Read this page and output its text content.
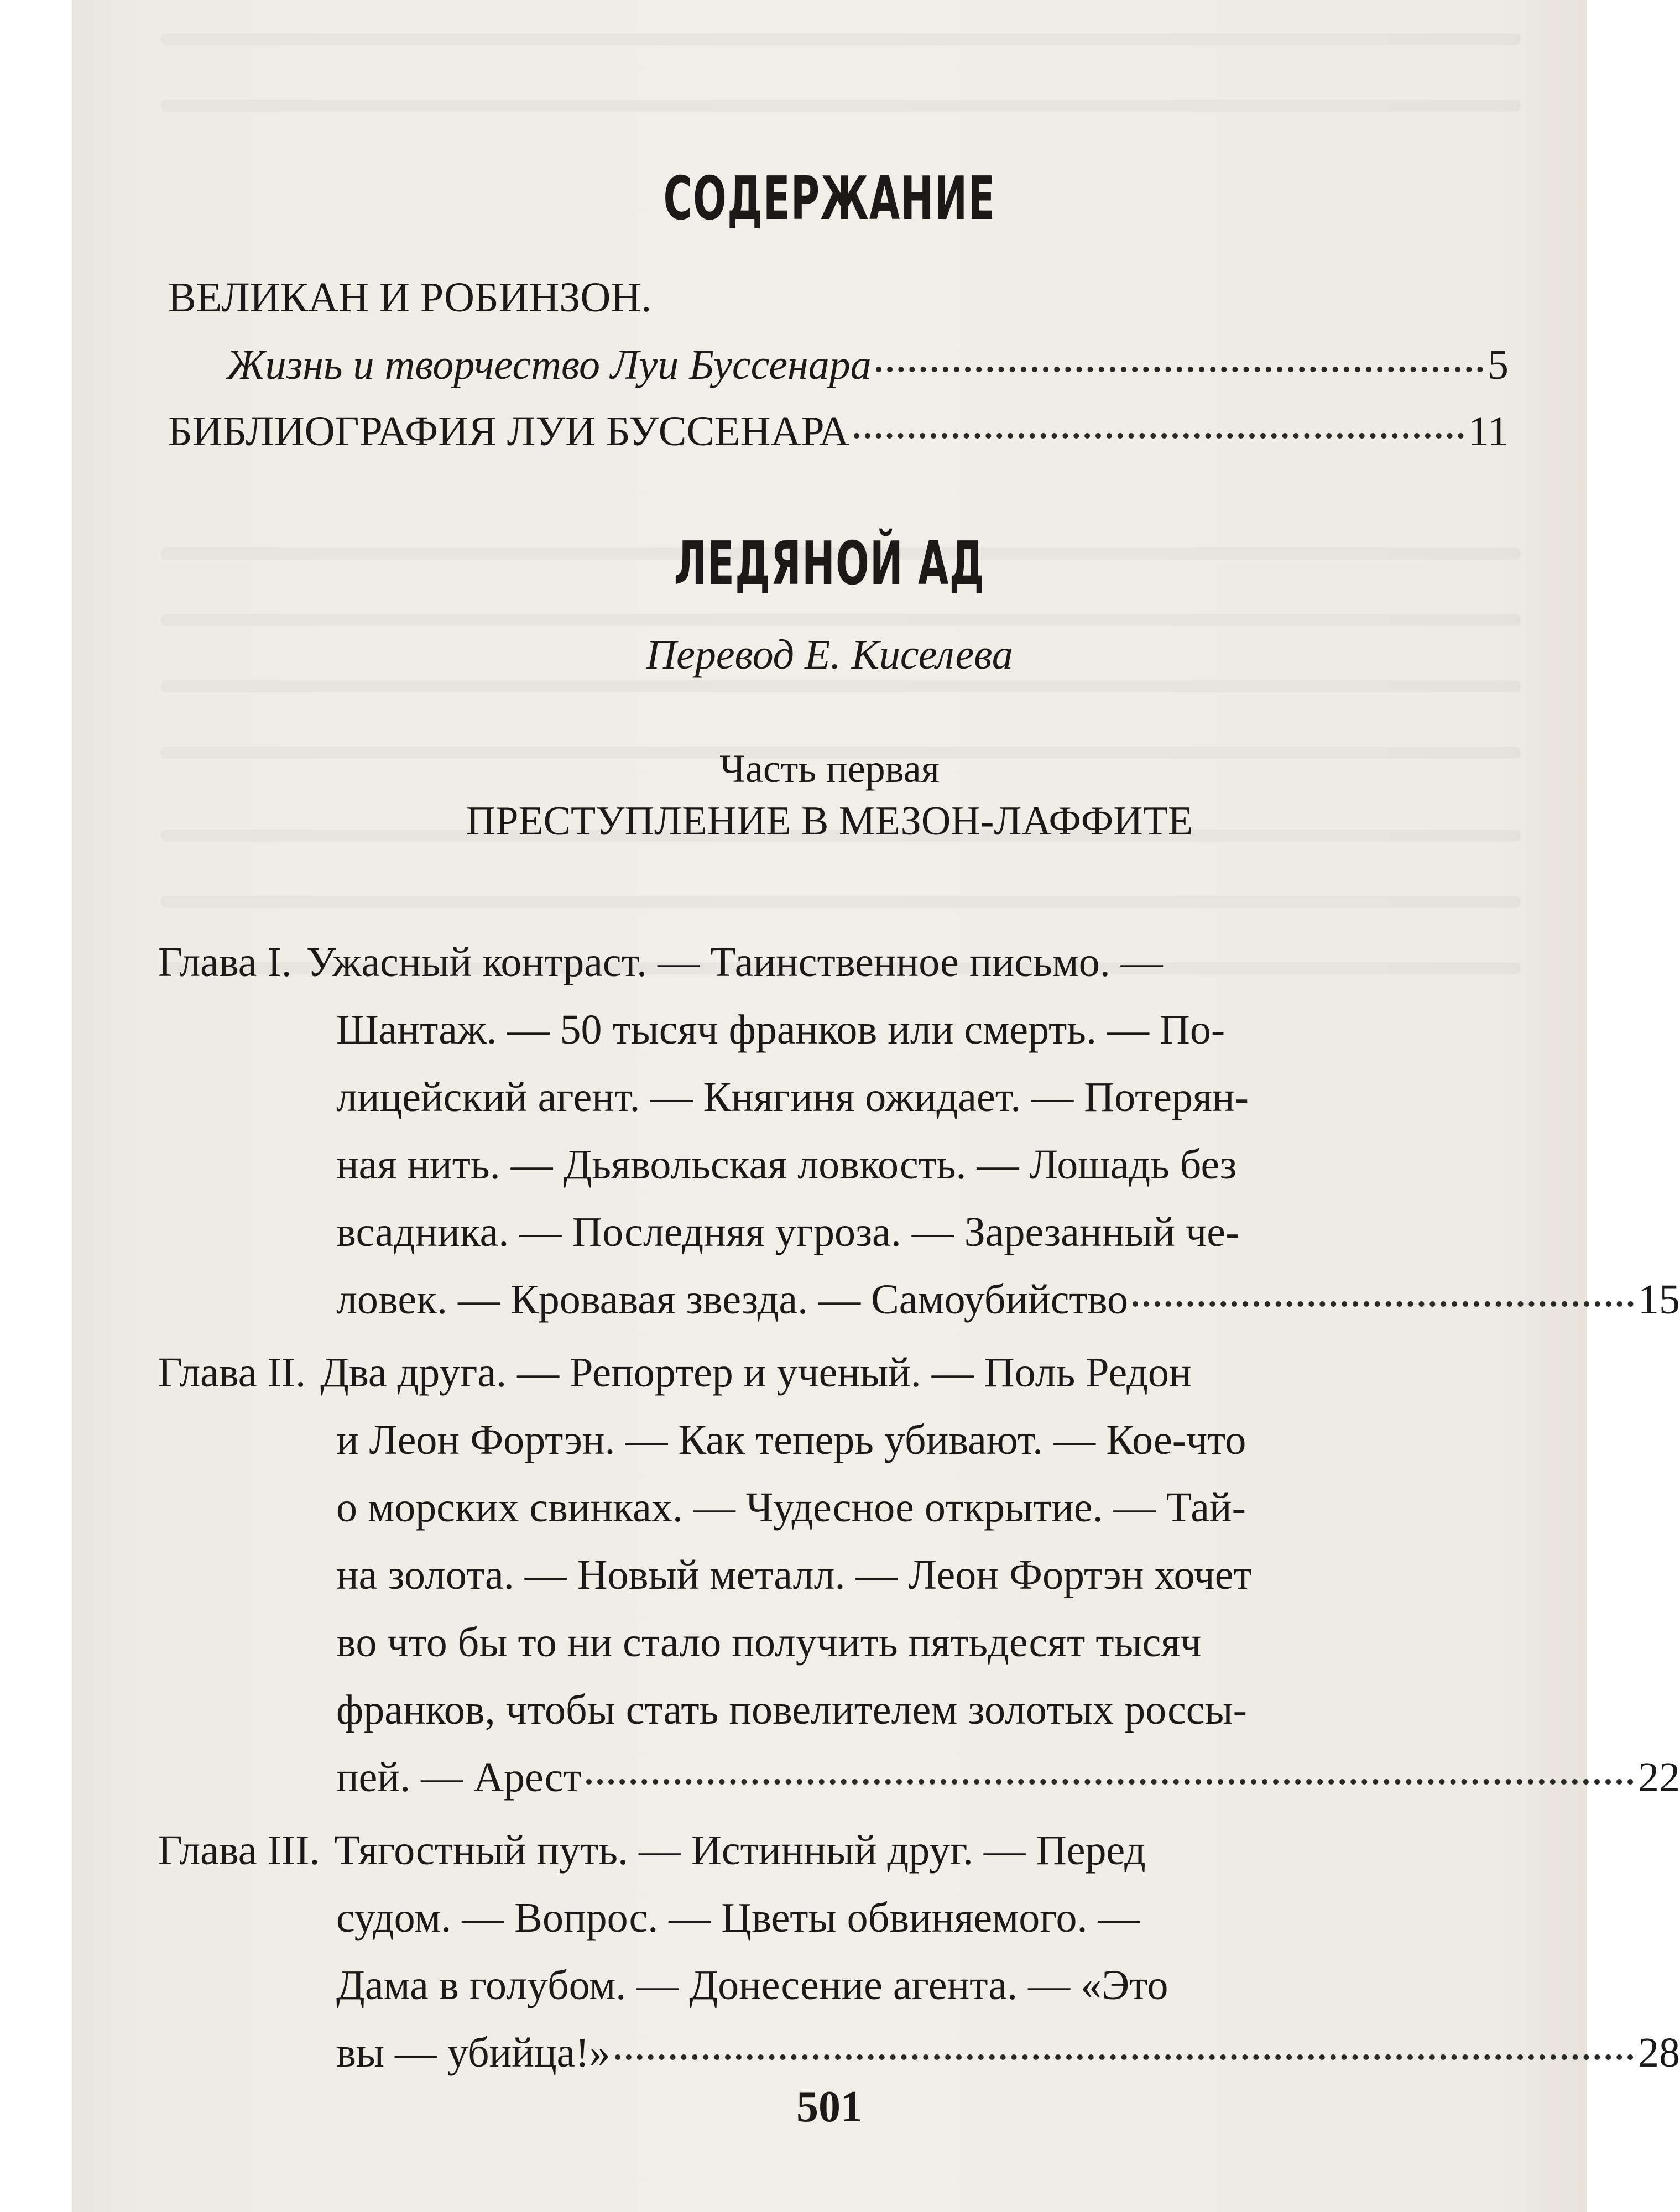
СОДЕРЖАНИЕ
ВЕЛИКАН И РОБИНЗОН.
Жизнь и творчество Луи Буссенара	5
БИБЛИОГРАФИЯ ЛУИ БУССЕНАРА	11
ЛЕДЯНОЙ АД

Перевод Е. Киселева

Часть первая

ПРЕСТУПЛЕНИЕ В МЕЗОН-ЛАФФИТЕ

Глава I. Ужасный контраст. — Таинственное письмо. —
Шантаж. — 50 тысяч франков или смерть. — По-
лицейский агент. — Княгиня ожидает. — Потерян-
ная нить. — Дьявольская ловкость. — Лошадь без
всадника. — Последняя угроза. — Зарезанный че-
ловек. — Кровавая звезда. — Самоубийство	15
Глава II. Два друга. — Репортер и ученый. — Поль Редон
и Леон Фортэн. — Как теперь убивают. — Кое-что
о морских свинках. — Чудесное открытие. — Тай-
на золота. — Новый металл. — Леон Фортэн хочет
во что бы то ни стало получить пятьдесят тысяч
франков, чтобы стать повелителем золотых россы-
пей. — Арест	22
Глава III. Тягостный путь. — Истинный друг. — Перед
судом. — Вопрос. — Цветы обвиняемого. —
Дама в голубом. — Донесение агента. — «Это
вы — убийца!»	28
501
